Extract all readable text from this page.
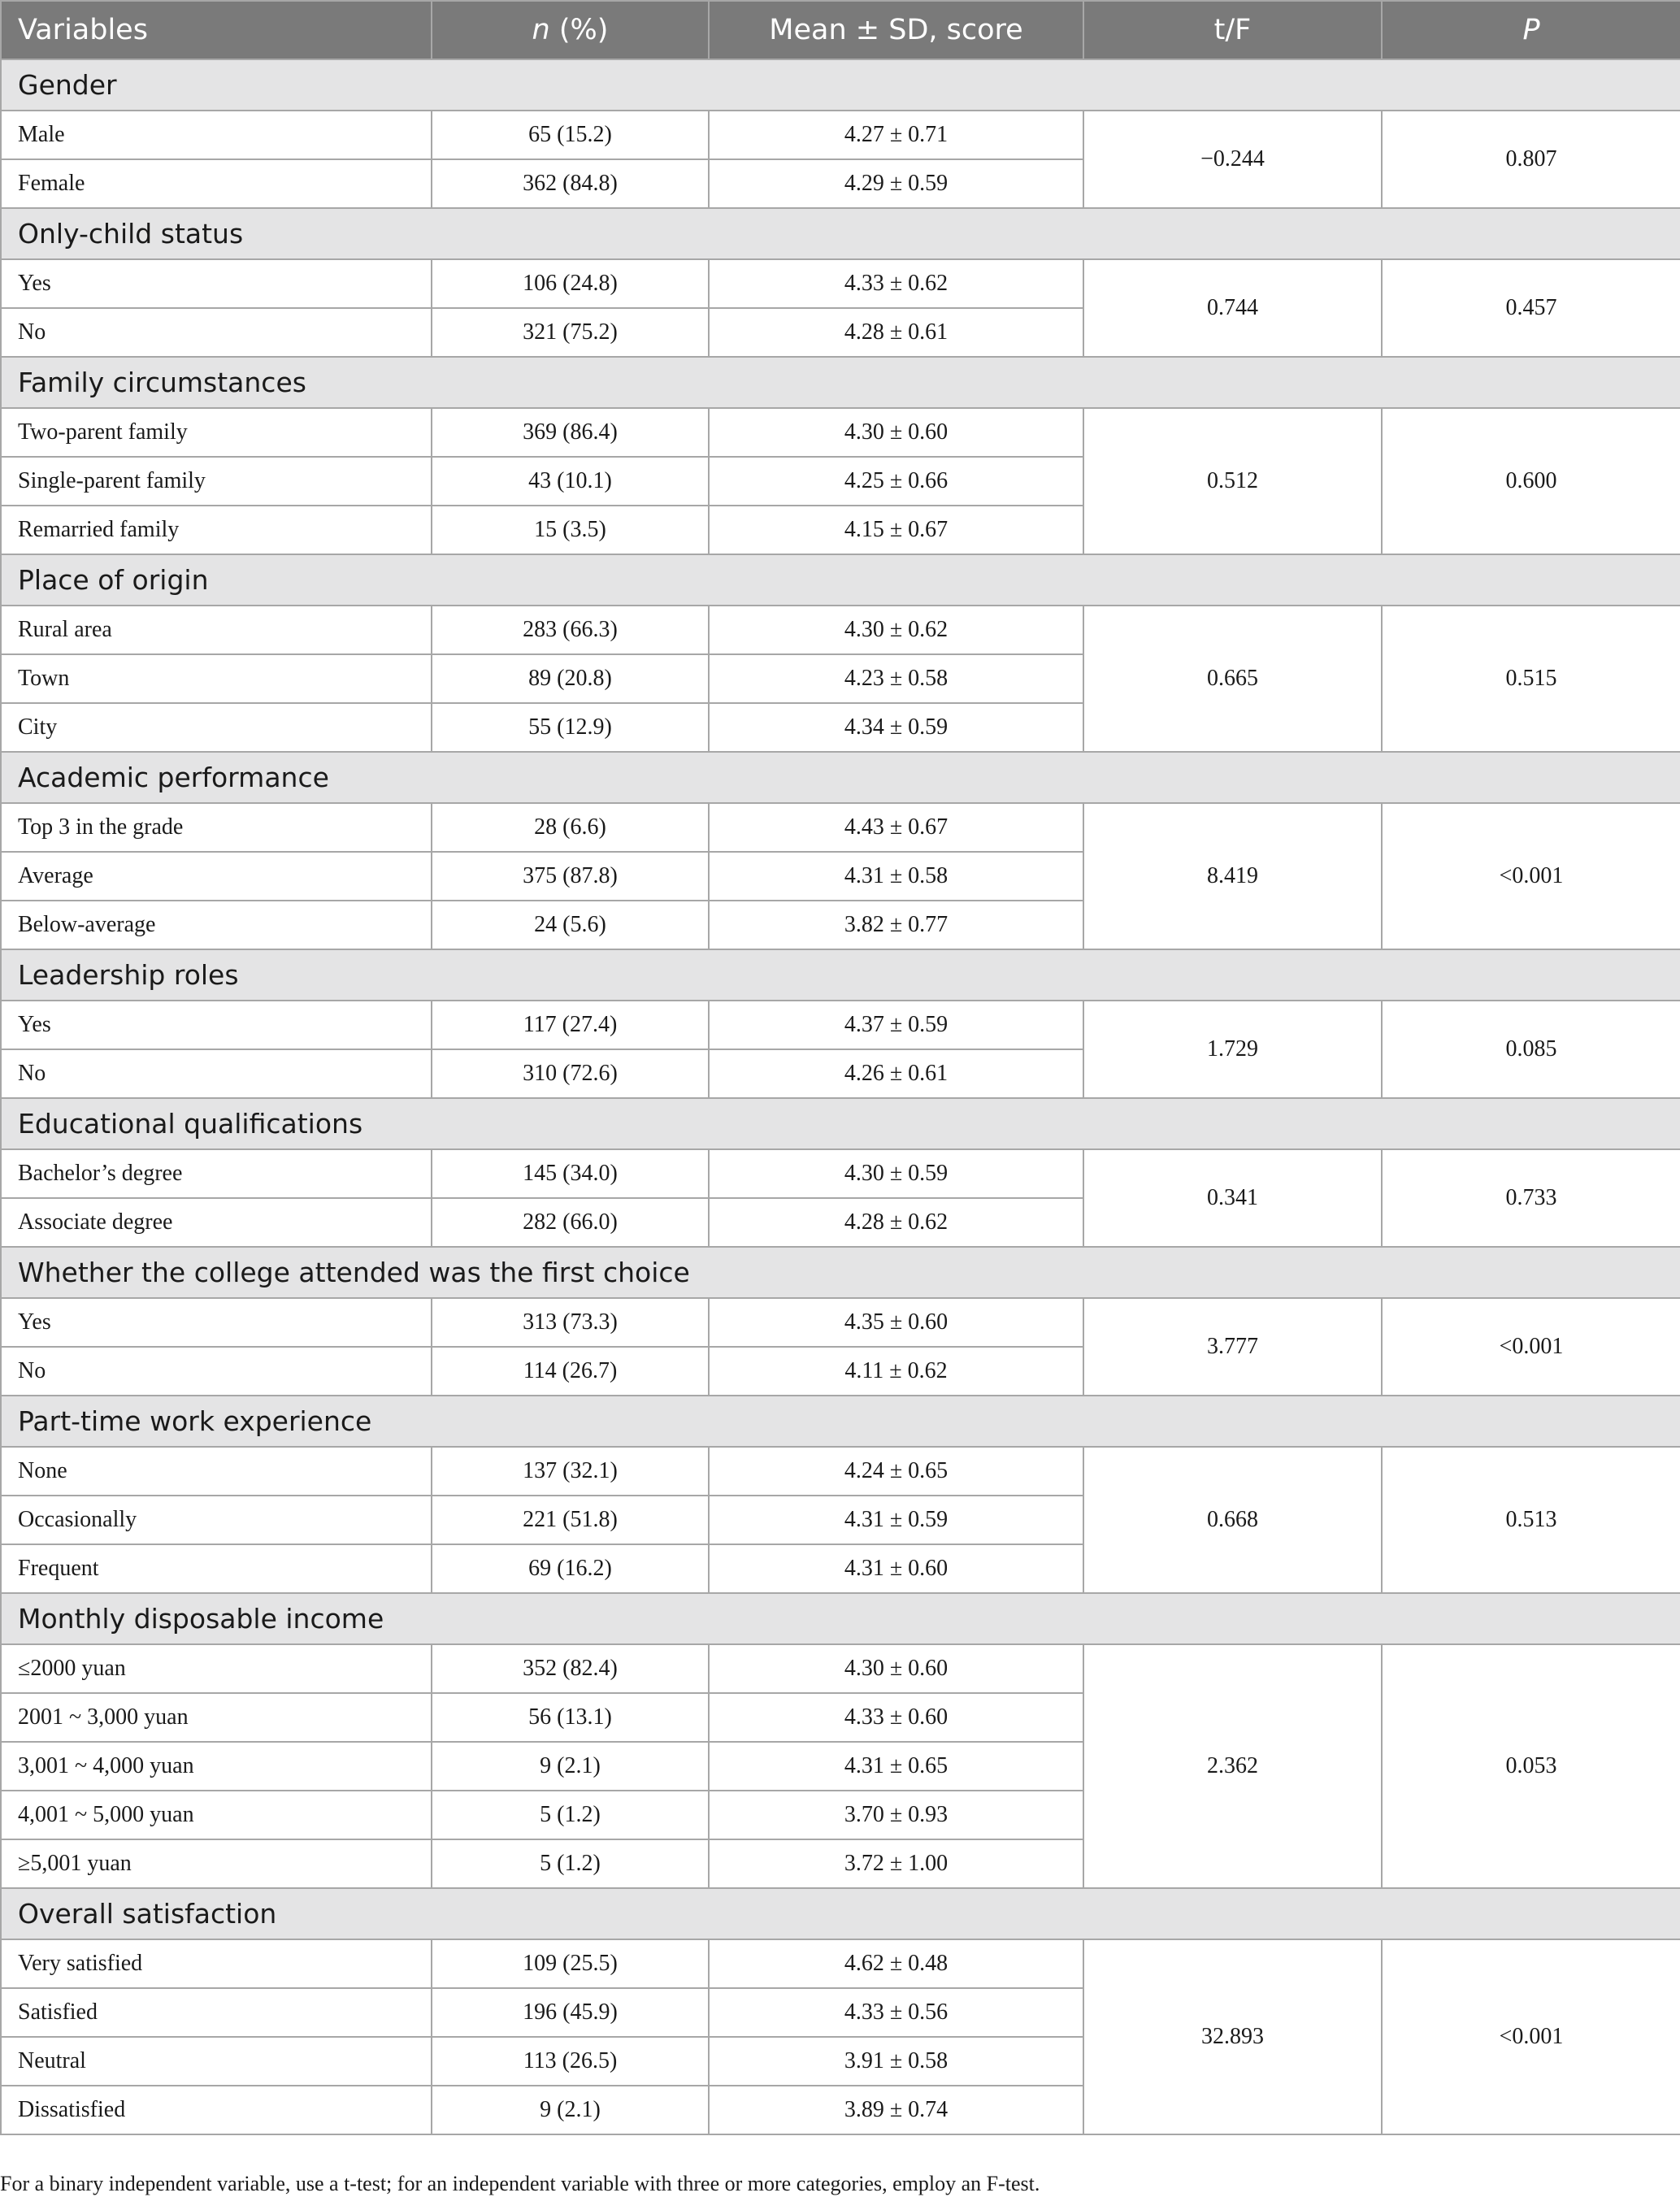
Variables	n (%)	Mean ± SD, score	t/F	P
Gender				
Male	65 (15.2)	4.27 ± 0.71	−0.244	0.807
Female	362 (84.8)	4.29 ± 0.59		
Only-child status				
Yes	106 (24.8)	4.33 ± 0.62	0.744	0.457
No	321 (75.2)	4.28 ± 0.61		
Family circumstances				
Two-parent family	369 (86.4)	4.30 ± 0.60	0.512	0.600
Single-parent family	43 (10.1)	4.25 ± 0.66		
Remarried family	15 (3.5)	4.15 ± 0.67		
Place of origin				
Rural area	283 (66.3)	4.30 ± 0.62	0.665	0.515
Town	89 (20.8)	4.23 ± 0.58		
City	55 (12.9)	4.34 ± 0.59		
Academic performance				
Top 3 in the grade	28 (6.6)	4.43 ± 0.67	8.419	<0.001
Average	375 (87.8)	4.31 ± 0.58		
Below-average	24 (5.6)	3.82 ± 0.77		
Leadership roles				
Yes	117 (27.4)	4.37 ± 0.59	1.729	0.085
No	310 (72.6)	4.26 ± 0.61		
Educational qualifications				
Bachelor’s degree	145 (34.0)	4.30 ± 0.59	0.341	0.733
Associate degree	282 (66.0)	4.28 ± 0.62		
Whether the college attended was the first choice				
Yes	313 (73.3)	4.35 ± 0.60	3.777	<0.001
No	114 (26.7)	4.11 ± 0.62		
Part-time work experience				
None	137 (32.1)	4.24 ± 0.65	0.668	0.513
Occasionally	221 (51.8)	4.31 ± 0.59		
Frequent	69 (16.2)	4.31 ± 0.60		
Monthly disposable income				
≤2000 yuan	352 (82.4)	4.30 ± 0.60	2.362	0.053
2001 ~ 3,000 yuan	56 (13.1)	4.33 ± 0.60		
3,001 ~ 4,000 yuan	9 (2.1)	4.31 ± 0.65		
4,001 ~ 5,000 yuan	5 (1.2)	3.70 ± 0.93		
≥5,001 yuan	5 (1.2)	3.72 ± 1.00		
Overall satisfaction				
Very satisfied	109 (25.5)	4.62 ± 0.48	32.893	<0.001
Satisfied	196 (45.9)	4.33 ± 0.56		
Neutral	113 (26.5)	3.91 ± 0.58		
Dissatisfied	9 (2.1)	3.89 ± 0.74		
For a binary independent variable, use a t-test; for an independent variable with three or more categories, employ an F-test.
